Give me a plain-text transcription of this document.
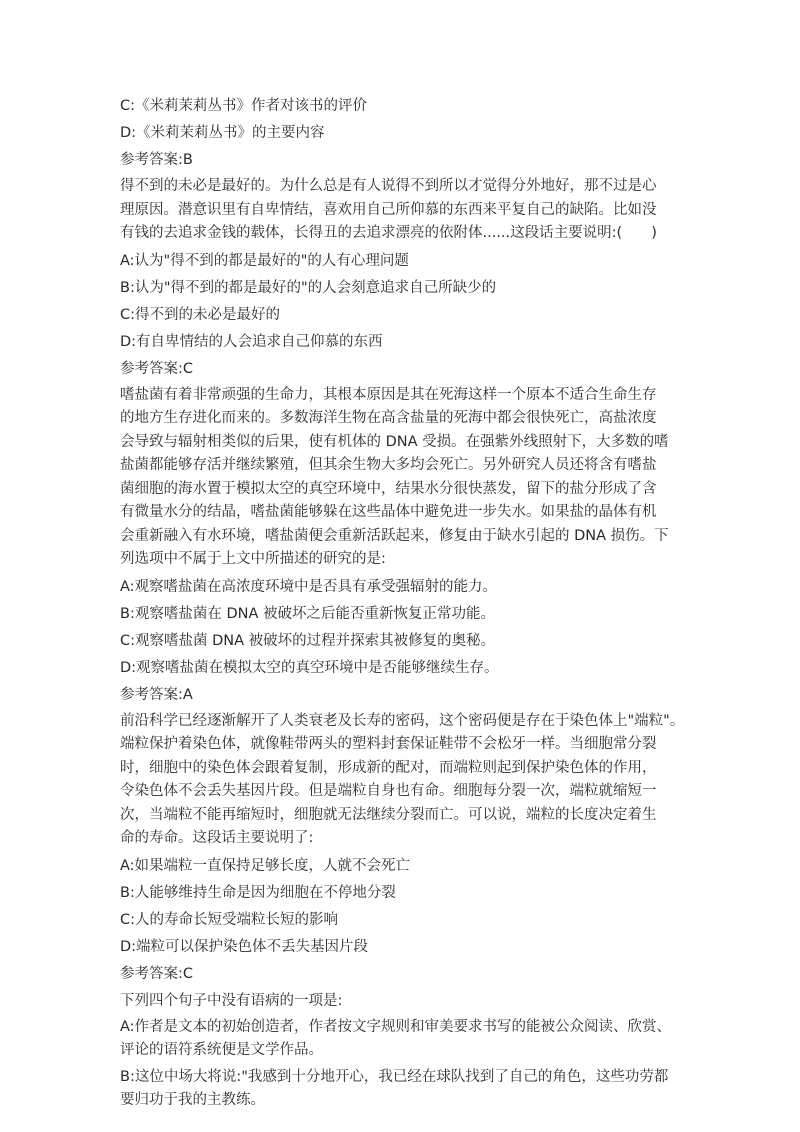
C:《米莉茉莉丛书》作者对该书的评价
D:《米莉茉莉丛书》的主要内容
参考答案:B
得不到的未必是最好的。为什么总是有人说得不到所以才觉得分外地好，那不过是心
理原因。潜意识里有自卑情结，喜欢用自己所仰慕的东西来平复自己的缺陷。比如没
有钱的去追求金钱的载体，长得丑的去追求漂亮的依附体......这段话主要说明:(　　)
A:认为"得不到的都是最好的"的人有心理问题
B:认为"得不到的都是最好的"的人会刻意追求自己所缺少的
C:得不到的未必是最好的
D:有自卑情结的人会追求自己仰慕的东西
参考答案:C
嗜盐菌有着非常顽强的生命力，其根本原因是其在死海这样一个原本不适合生命生存
的地方生存进化而来的。多数海洋生物在高含盐量的死海中都会很快死亡，高盐浓度
会导致与辐射相类似的后果，使有机体的 DNA 受损。在强紫外线照射下，大多数的嗜
盐菌都能够存活并继续繁殖，但其余生物大多均会死亡。另外研究人员还将含有嗜盐
菌细胞的海水置于模拟太空的真空环境中，结果水分很快蒸发，留下的盐分形成了含
有微量水分的结晶，嗜盐菌能够躲在这些晶体中避免进一步失水。如果盐的晶体有机
会重新融入有水环境，嗜盐菌便会重新活跃起来，修复由于缺水引起的 DNA 损伤。下
列选项中不属于上文中所描述的研究的是:
A:观察嗜盐菌在高浓度环境中是否具有承受强辐射的能力。
B:观察嗜盐菌在 DNA 被破坏之后能否重新恢复正常功能。
C:观察嗜盐菌 DNA 被破坏的过程并探索其被修复的奥秘。
D:观察嗜盐菌在模拟太空的真空环境中是否能够继续生存。
参考答案:A
前沿科学已经逐渐解开了人类衰老及长寿的密码，这个密码便是存在于染色体上"端粒"。
端粒保护着染色体，就像鞋带两头的塑料封套保证鞋带不会松牙一样。当细胞常分裂
时，细胞中的染色体会跟着复制，形成新的配对，而端粒则起到保护染色体的作用，
令染色体不会丢失基因片段。但是端粒自身也有命。细胞每分裂一次，端粒就缩短一
次，当端粒不能再缩短时，细胞就无法继续分裂而亡。可以说，端粒的长度决定着生
命的寿命。这段话主要说明了:
A:如果端粒一直保持足够长度，人就不会死亡
B:人能够维持生命是因为细胞在不停地分裂
C:人的寿命长短受端粒长短的影响
D:端粒可以保护染色体不丢失基因片段
参考答案:C
下列四个句子中没有语病的一项是:
A:作者是文本的初始创造者，作者按文字规则和审美要求书写的能被公众阅读、欣赏、
评论的语符系统便是文学作品。
B:这位中场大将说:"我感到十分地开心，我已经在球队找到了自己的角色，这些功劳都
要归功于我的主教练。
